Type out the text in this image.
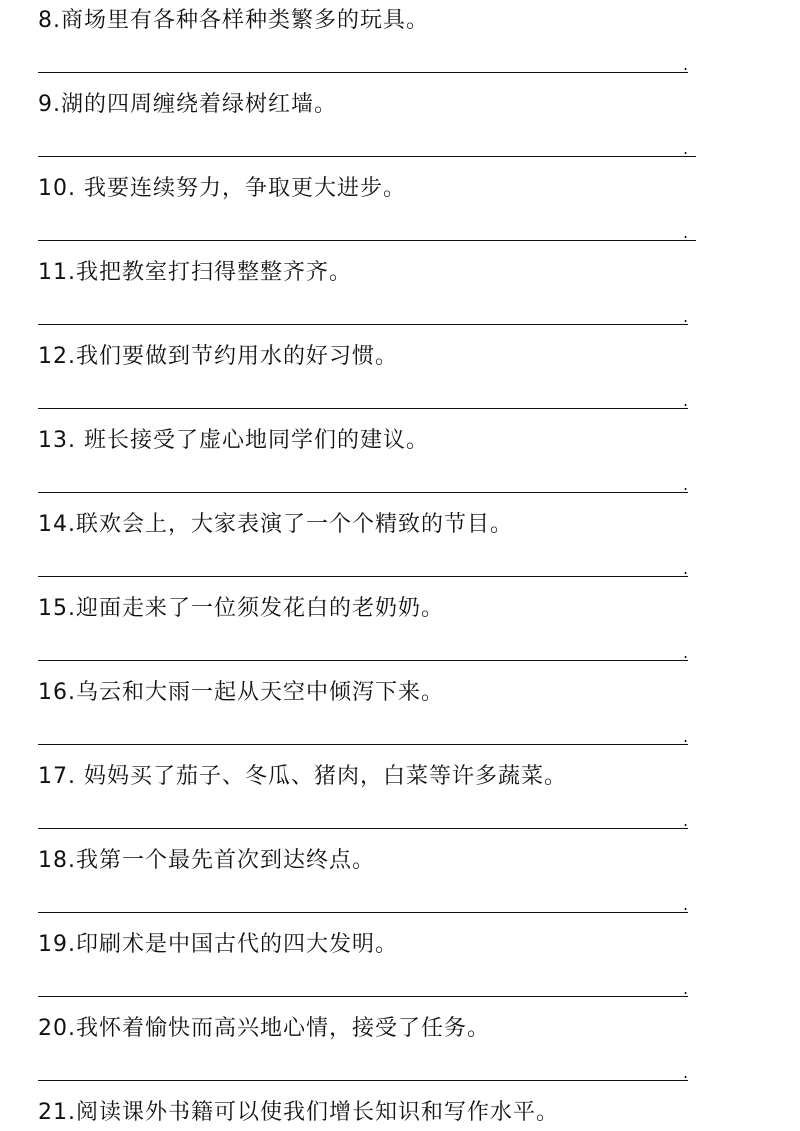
8.商场里有各种各样种类繁多的玩具。
.
9.湖的四周缠绕着绿树红墙。
.
10. 我要连续努力，争取更大进步。
.
11.我把教室打扫得整整齐齐。
.
12.我们要做到节约用水的好习惯。
.
13. 班长接受了虚心地同学们的建议。
.
14.联欢会上，大家表演了一个个精致的节目。
.
15.迎面走来了一位须发花白的老奶奶。
.
16.乌云和大雨一起从天空中倾泻下来。
.
17. 妈妈买了茄子、冬瓜、猪肉，白菜等许多蔬菜。
.
18.我第一个最先首次到达终点。
.
19.印刷术是中国古代的四大发明。
.
20.我怀着愉快而高兴地心情，接受了任务。
.
21.阅读课外书籍可以使我们增长知识和写作水平。
